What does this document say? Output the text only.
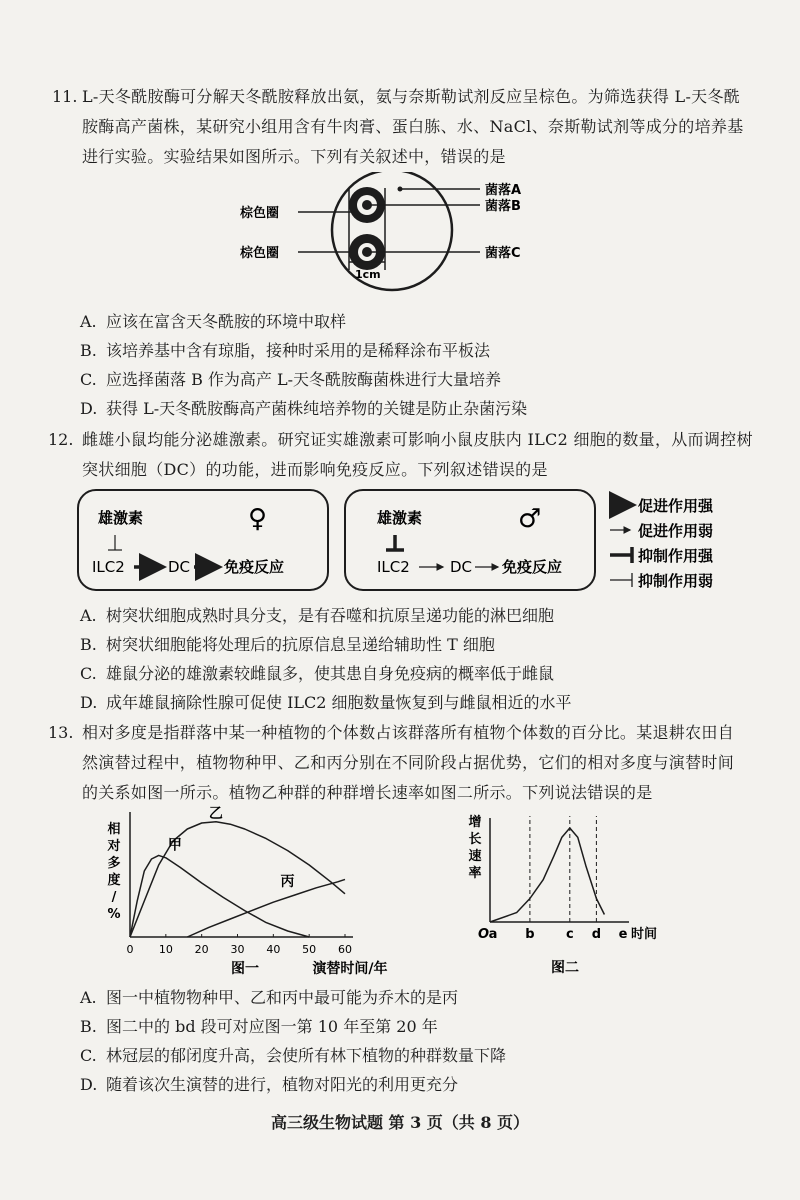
11. L-天冬酰胺酶可分解天冬酰胺释放出氨，氨与奈斯勒试剂反应呈棕色。为筛选获得 L-天冬酰
胺酶高产菌株，某研究小组用含有牛肉膏、蛋白胨、水、NaCl、奈斯勒试剂等成分的培养基
进行实验。实验结果如图所示。下列有关叙述中，错误的是
1cm
棕色圈
棕色圈
菌落A
菌落B
菌落C
A. 应该在富含天冬酰胺的环境中取样
B. 该培养基中含有琼脂，接种时采用的是稀释涂布平板法
C. 应选择菌落 B 作为高产 L-天冬酰胺酶菌株进行大量培养
D. 获得 L-天冬酰胺酶高产菌株纯培养物的关键是防止杂菌污染
12. 雌雄小鼠均能分泌雄激素。研究证实雄激素可影响小鼠皮肤内 ILC2 细胞的数量，从而调控树
突状细胞（DC）的功能，进而影响免疫反应。下列叙述错误的是
雄激素	♀
ILC2	DC 免疫反应
雄激素	♂
ILC2	DC 免疫反应
促进作用强
促进作用弱
抑制作用强
抑制作用弱
A. 树突状细胞成熟时具分支，是有吞噬和抗原呈递功能的淋巴细胞
B. 树突状细胞能将处理后的抗原信息呈递给辅助性 T 细胞
C. 雄鼠分泌的雄激素较雌鼠多，使其患自身免疫病的概率低于雌鼠
D. 成年雄鼠摘除性腺可促使 ILC2 细胞数量恢复到与雌鼠相近的水平
13. 相对多度是指群落中某一种植物的个体数占该群落所有植物个体数的百分比。某退耕农田自
然演替过程中，植物物种甲、乙和丙分别在不同阶段占据优势，它们的相对多度与演替时间
的关系如图一所示。植物乙种群的种群增长速率如图二所示。下列说法错误的是
0 10 20 30 40 50 60
相
对
多
度
/
%
图一	演替时间/年
甲
乙
丙
增
长
速
率
O a b c d e 时间
图二
A. 图一中植物物种甲、乙和丙中最可能为乔木的是丙
B. 图二中的 bd 段可对应图一第 10 年至第 20 年
C. 林冠层的郁闭度升高，会使所有林下植物的种群数量下降
D. 随着该次生演替的进行，植物对阳光的利用更充分
高三级生物试题 第 3 页（共 8 页）
